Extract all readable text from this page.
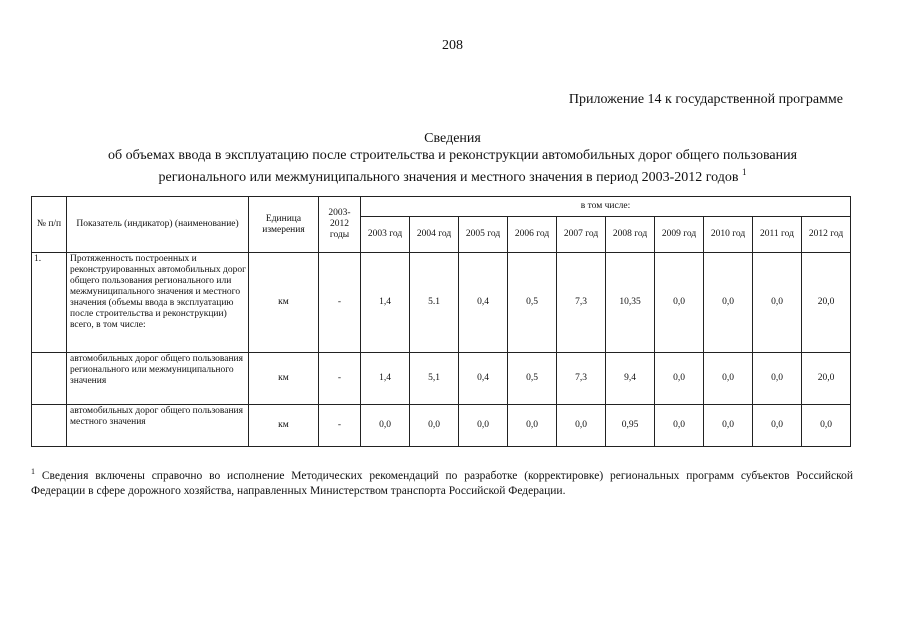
208
Приложение 14 к государственной программе
Сведения
об объемах ввода в эксплуатацию после строительства и реконструкции автомобильных дорог общего пользования
регионального или межмуниципального значения и местного значения в период 2003-2012 годов $^1$
№ п/п	Показатель (индикатор) (наименование)	Единица измерения	2003-2012 годы	в том числе:									
				2003 год	2004 год	2005 год	2006 год	2007 год	2008 год	2009 год	2010 год	2011 год	2012 год
1.	Протяженность построенных и реконструированных автомобильных дорог общего пользования регионального или межмуниципального значения и местного значения (объемы ввода в эксплуатацию после строительства и реконструкции) всего, в том числе:	км	-	1,4	5.1	0,4	0,5	7,3	10,35	0,0	0,0	0,0	20,0
	автомобильных дорог общего пользования регионального или межмуниципального значения	км	-	1,4	5,1	0,4	0,5	7,3	9,4	0,0	0,0	0,0	20,0
	автомобильных дорог общего пользования местного значения	км	-	0,0	0,0	0,0	0,0	0,0	0,95	0,0	0,0	0,0	0,0
$^1$ Сведения включены справочно во исполнение Методических рекомендаций по разработке (корректировке) региональных программ субъектов Российской Федерации в сфере дорожного хозяйства, направленных Министерством транспорта Российской Федерации.
